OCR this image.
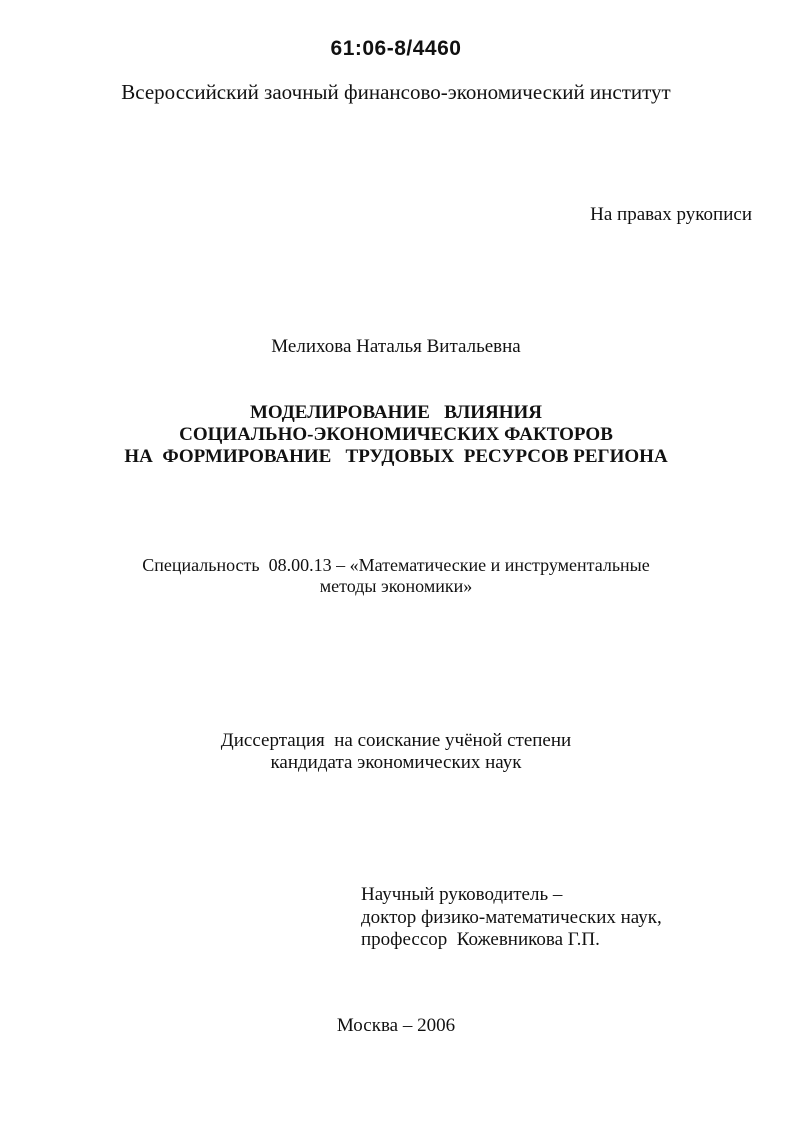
61:06-8/4460
Всероссийский заочный финансово-экономический институт
На правах рукописи
Мелихова Наталья Витальевна
МОДЕЛИРОВАНИЕ   ВЛИЯНИЯ
СОЦИАЛЬНО-ЭКОНОМИЧЕСКИХ ФАКТОРОВ
НА  ФОРМИРОВАНИЕ   ТРУДОВЫХ  РЕСУРСОВ РЕГИОНА
Специальность  08.00.13 – «Математические и инструментальные
методы экономики»
Диссертация  на соискание учёной степени
кандидата экономических наук
Научный руководитель –
доктор физико-математических наук,
профессор  Кожевникова Г.П.
Москва – 2006
